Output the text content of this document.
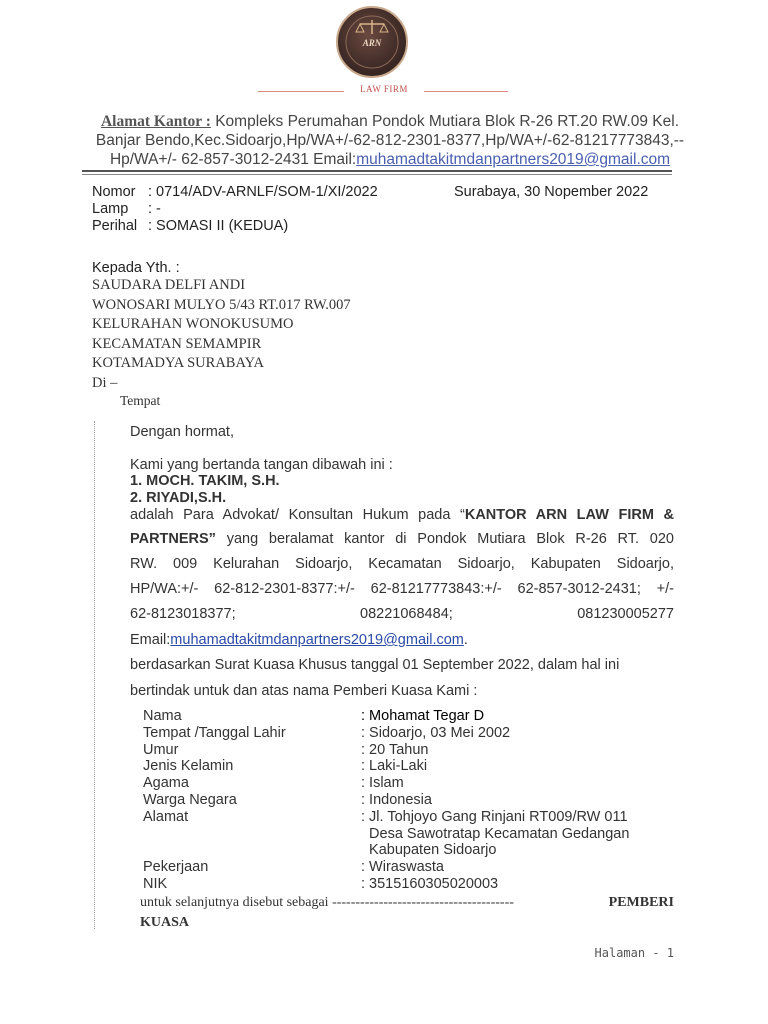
ARN
LAW FIRM
Alamat Kantor : Kompleks Perumahan Pondok Mutiara Blok R-26 RT.20 RW.09 Kel.
Banjar Bendo,Kec.Sidoarjo,Hp/WA+/-62-812-2301-8377,Hp/WA+/-62-81217773843,--
Hp/WA+/- 62-857-3012-2431 Email:muhamadtakitmdanpartners2019@gmail.com
Nomor : 0714/ADV-ARNLF/SOM-1/XI/2022
Lamp : -
Perihal : SOMASI II (KEDUA)
Surabaya, 30 Nopember 2022
Kepada Yth. :
SAUDARA DELFI ANDI
WONOSARI MULYO 5/43 RT.017 RW.007
KELURAHAN WONOKUSUMO
KECAMATAN SEMAMPIR
KOTAMADYA SURABAYA
Di –
Tempat
Dengan hormat,
Kami yang bertanda tangan dibawah ini :
1. MOCH. TAKIM, S.H.
2. RIYADI,S.H.
adalah Para Advokat/ Konsultan Hukum pada “KANTOR ARN LAW FIRM &
PARTNERS” yang beralamat kantor di Pondok Mutiara Blok R-26 RT. 020
RW. 009 Kelurahan Sidoarjo, Kecamatan Sidoarjo, Kabupaten Sidoarjo,
HP/WA:+/- 62-812-2301-8377:+/- 62-81217773843:+/- 62-857-3012-2431; +/-
62-8123018377;	08221068484;	081230005277
Email:muhamadtakitmdanpartners2019@gmail.com.
berdasarkan Surat Kuasa Khusus tanggal 01 September 2022, dalam hal ini
bertindak untuk dan atas nama Pemberi Kuasa Kami :
Nama	: Mohamat Tegar D
Tempat /Tanggal Lahir	: Sidoarjo, 03 Mei 2002
Umur	: 20 Tahun
Jenis Kelamin	: Laki-Laki
Agama	: Islam
Warga Negara	: Indonesia
Alamat	: Jl. Tohjoyo Gang Rinjani RT009/RW 011
Desa Sawotratap Kecamatan Gedangan
Kabupaten Sidoarjo
Pekerjaan	: Wiraswasta
NIK	: 3515160305020003
untuk selanjutnya disebut sebagai ---------------------------------------	PEMBERI
KUASA
Halaman - 1
